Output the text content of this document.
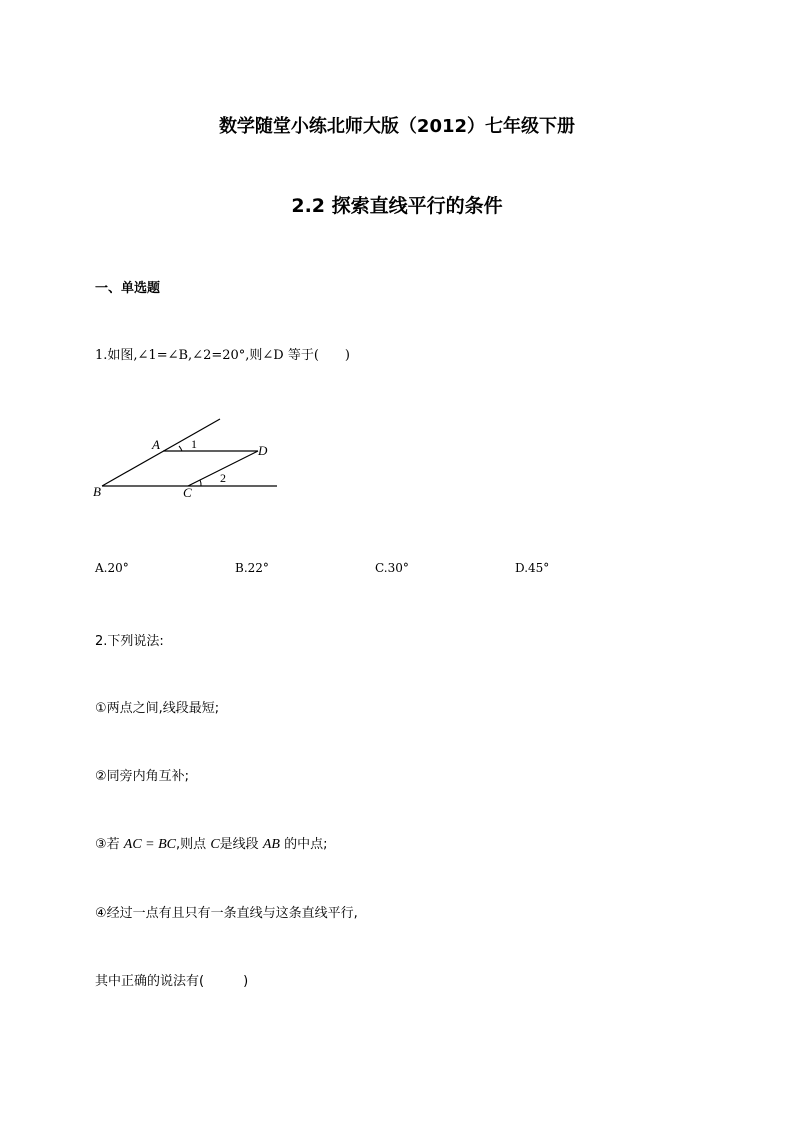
数学随堂小练北师大版（2012）七年级下册
2.2 探索直线平行的条件
一、单选题
1.如图,∠1=∠B,∠2=20°,则∠D 等于(　　)
A
B	C
D
1
2
A.20°	B.22°	C.30°	D.45°
2.下列说法:
①两点之间,线段最短;
②同旁内角互补;
③若 AC = BC,则点 C是线段 AB 的中点;
④经过一点有且只有一条直线与这条直线平行,
其中正确的说法有(　　　)
